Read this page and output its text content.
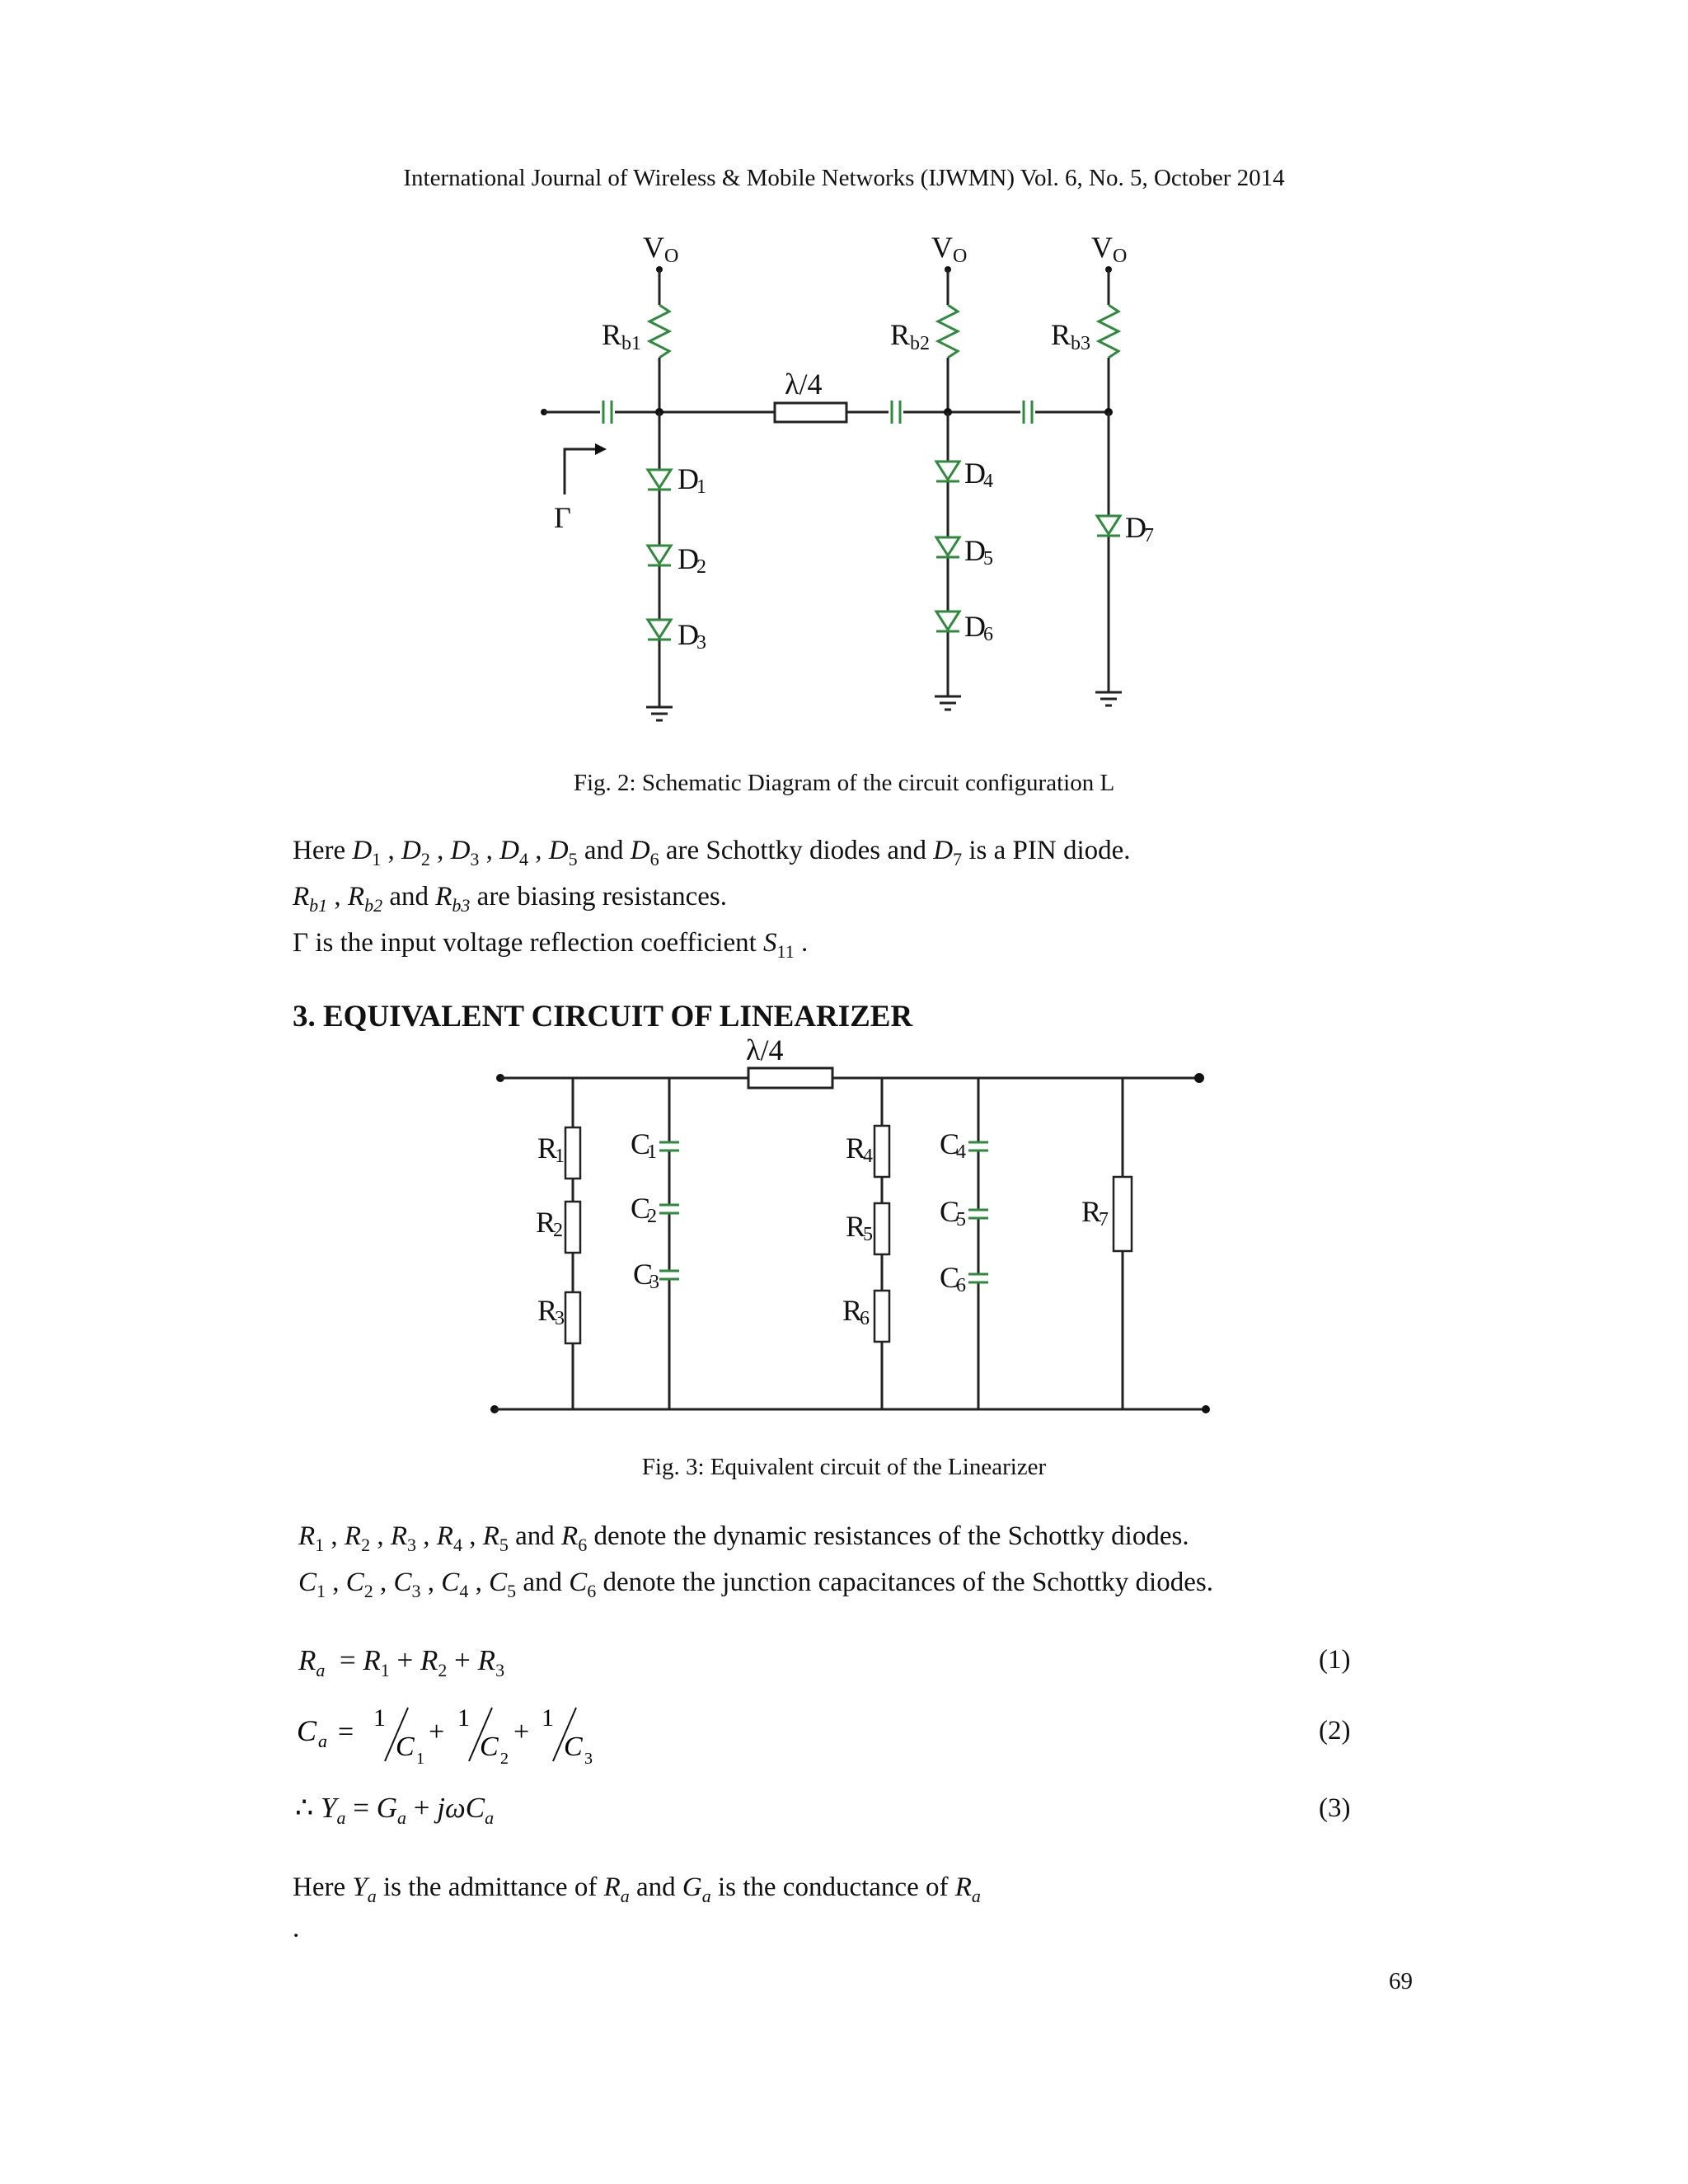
International Journal of Wireless & Mobile Networks (IJWMN) Vol. 6, No. 5, October 2014
V O	V O	V O
R b1	R b2	R b3
λ/4
Γ
D
1
D
2
D
3
D
4
D
5
D
6
D
7
Fig. 2: Schematic Diagram of the circuit configuration L
Here $D_1$ , $D_2$ , $D_3$ , $D_4$ , $D_5$ and $D_6$ are Schottky diodes and $D_7$ is a PIN diode.
$R_{b1}$ , $R_{b2}$ and $R_{b3}$ are biasing resistances.
Γ is the input voltage reflection coefficient $S_{11}$ .
3. EQUIVALENT CIRCUIT OF LINEARIZER
λ/4
R
1
R
2
R
3
C
1
C
2
C
3
R
4
R
5
R
6
C
4
C
5
C
6
R
7
Fig. 3: Equivalent circuit of the Linearizer
$R_1$ , $R_2$ , $R_3$ , $R_4$ , $R_5$ and $R_6$ denote the dynamic resistances of the Schottky diodes.
$C_1$ , $C_2$ , $C_3$ , $C_4$ , $C_5$ and $C_6$ denote the junction capacitances of the Schottky diodes.
$R_a = R_1 + R_2 + R_3$	(1)
C a = 1
C 1
+ 1
C 2
+ 1
C 3
(2)
∴ $Y_a = G_a + j\omega C_a$	(3)
Here $Y_a$ is the admittance of $R_a$ and $G_a$ is the conductance of $R_a$
.
69
